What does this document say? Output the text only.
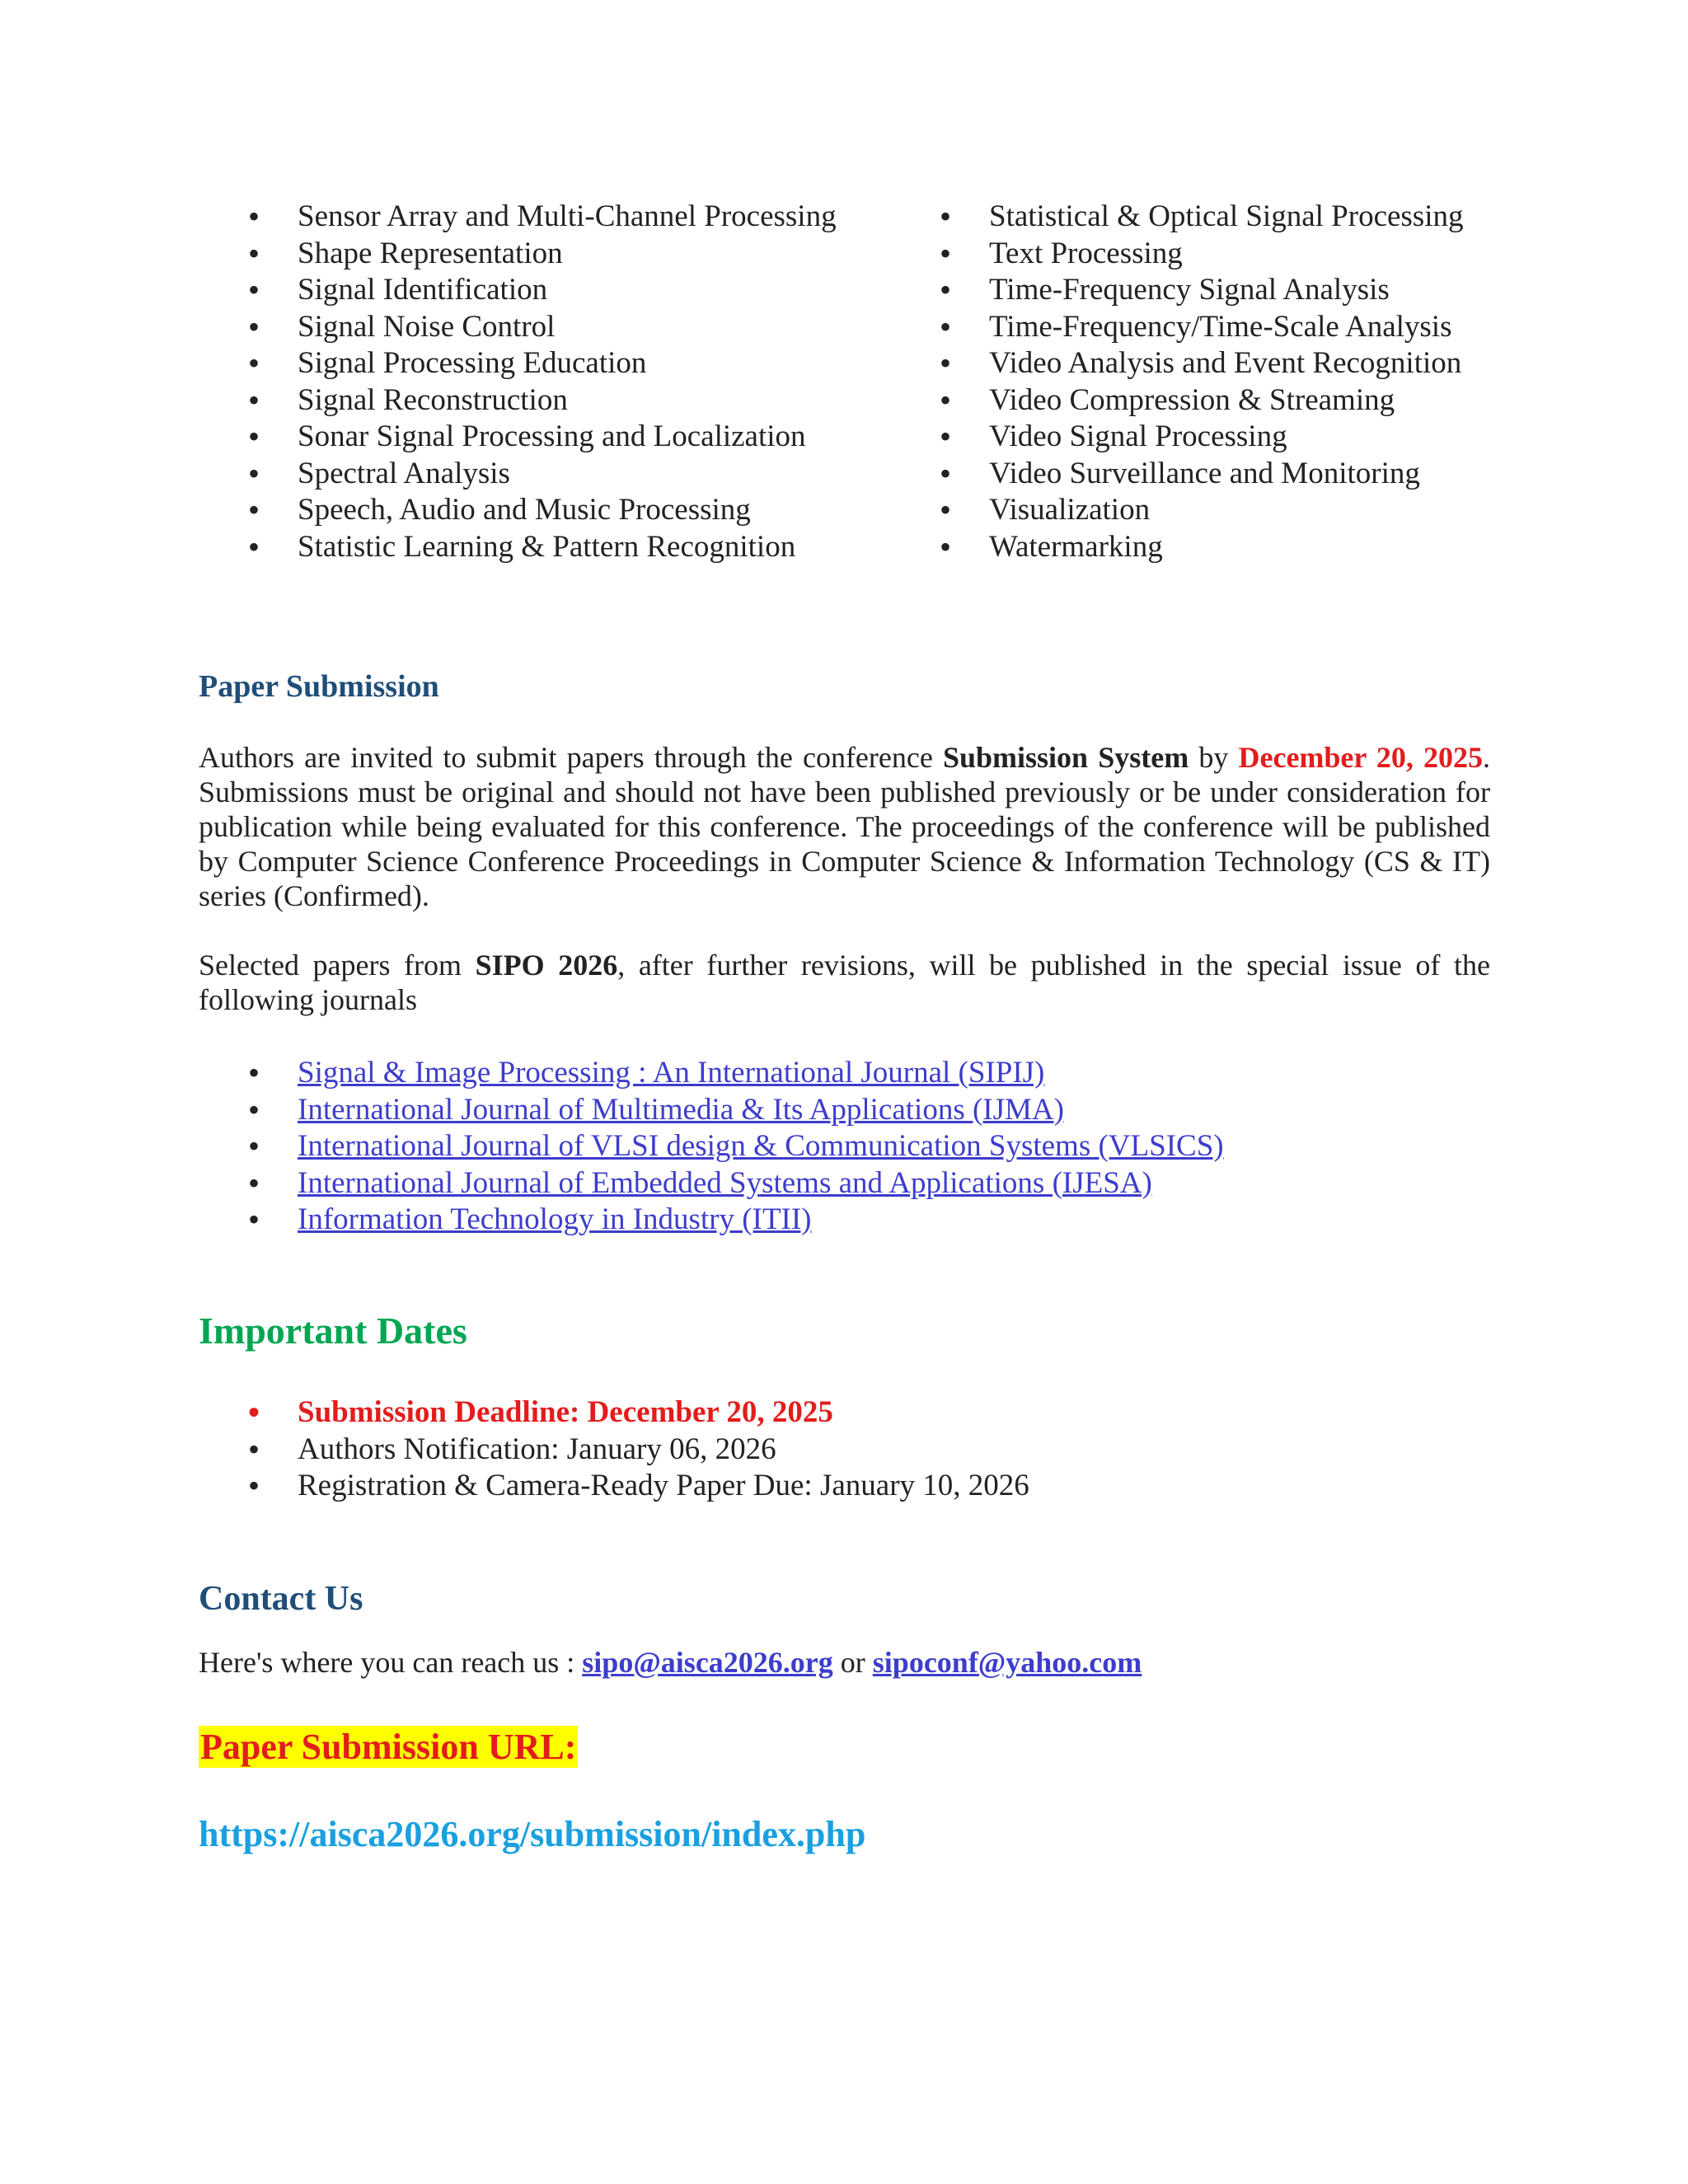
• Sensor Array and Multi-Channel Processing
• Shape Representation
• Signal Identification
• Signal Noise Control
• Signal Processing Education
• Signal Reconstruction
• Sonar Signal Processing and Localization
• Spectral Analysis
• Speech, Audio and Music Processing
• Statistic Learning & Pattern Recognition
• Statistical & Optical Signal Processing
• Text Processing
• Time-Frequency Signal Analysis
• Time-Frequency/Time-Scale Analysis
• Video Analysis and Event Recognition
• Video Compression & Streaming
• Video Signal Processing
• Video Surveillance and Monitoring
• Visualization
• Watermarking
Paper Submission

Authors are invited to submit papers through the conference Submission System by December 20, 2025. Submissions must be original and should not have been published previously or be under consideration for publication while being evaluated for this conference. The proceedings of the conference will be published by Computer Science Conference Proceedings in Computer Science & Information Technology (CS & IT) series (Confirmed).

Selected papers from SIPO 2026, after further revisions, will be published in the special issue of the following journals

• Signal & Image Processing : An International Journal (SIPIJ)
• International Journal of Multimedia & Its Applications (IJMA)
• International Journal of VLSI design & Communication Systems (VLSICS)
• International Journal of Embedded Systems and Applications (IJESA)
• Information Technology in Industry (ITII)
Important Dates
• Submission Deadline: December 20, 2025
• Authors Notification: January 06, 2026
• Registration & Camera-Ready Paper Due: January 10, 2026
Contact Us
Here's where you can reach us : sipo@aisca2026.org or sipoconf@yahoo.com
Paper Submission URL:
https://aisca2026.org/submission/index.php
